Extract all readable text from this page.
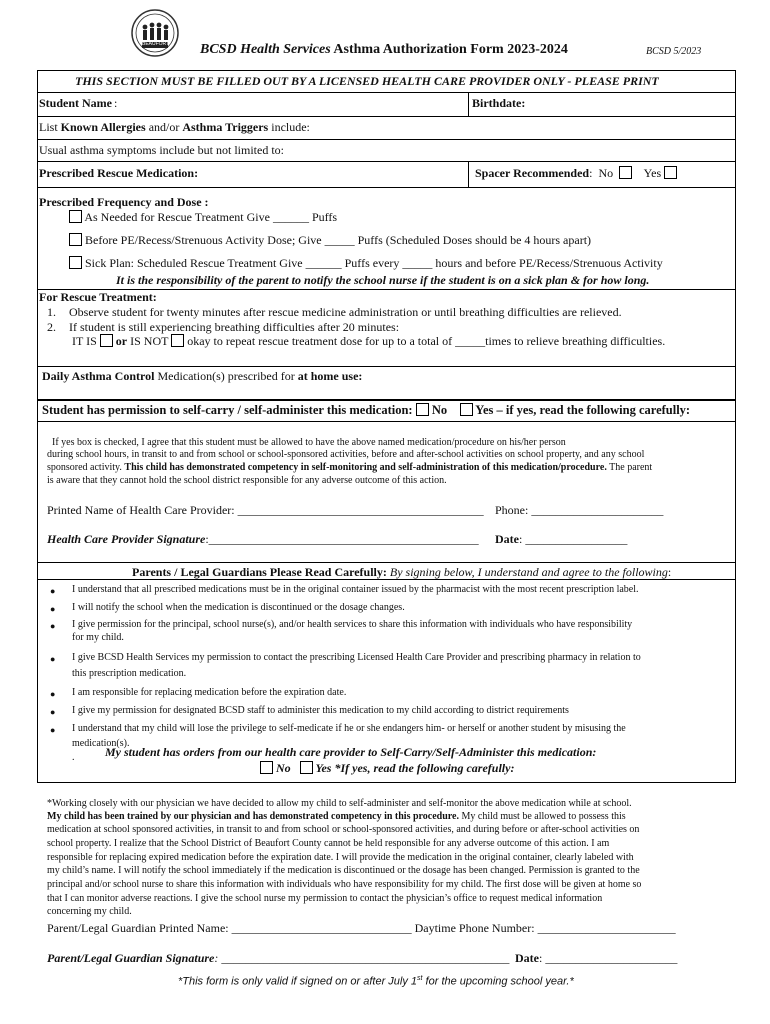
BEAUFORT BCSD Health Services Asthma Authorization Form 2023-2024	BCSD 5/2023
THIS SECTION MUST BE FILLED OUT BY A LICENSED HEALTH CARE PROVIDER ONLY - PLEASE PRINT
Student Name :	Birthdate:
List Known Allergies and/or Asthma Triggers include:
Usual asthma symptoms include but not limited to:
Prescribed Rescue Medication:	Spacer Recommended:  No	Yes
Prescribed Frequency and Dose :
As Needed for Rescue Treatment Give ______ Puffs
Before PE/Recess/Strenuous Activity Dose; Give _____ Puffs (Scheduled Doses should be 4 hours apart)
Sick Plan: Scheduled Rescue Treatment Give ______ Puffs every _____ hours and before PE/Recess/Strenuous Activity
It is the responsibility of the parent to notify the school nurse if the student is on a sick plan & for how long.
For Rescue Treatment:
1. Observe student for twenty minutes after rescue medicine administration or until breathing difficulties are relieved.
2. If student is still experiencing breathing difficulties after 20 minutes:
IT IS or IS NOT okay to repeat rescue treatment dose for up to a total of _____times to relieve breathing difficulties.
Daily Asthma Control Medication(s) prescribed for at home use:
Student has permission to self-carry / self-administer this medication: No Yes – if yes, read the following carefully:
If yes box is checked, I agree that this student must be allowed to have the above named medication/procedure on his/her person
during school hours, in transit to and from school or school-sponsored activities, before and after-school activities on school property, and any school
sponsored activity. This child has demonstrated competency in self-monitoring and self-administration of this medication/procedure. The parent
is aware that they cannot hold the school district responsible for any adverse outcome of this action.
Printed Name of Health Care Provider: _________________________________________ Phone: ______________________
Health Care Provider Signature:_____________________________________________ Date: _________________
Parents / Legal Guardians Please Read Carefully: By signing below, I understand and agree to the following:
● I understand that all prescribed medications must be in the original container issued by the pharmacist with the most recent prescription label.
● I will notify the school when the medication is discontinued or the dosage changes.
● I give permission for the principal, school nurse(s), and/or health services to share this information with individuals who have responsibility
for my child.
● I give BCSD Health Services my permission to contact the prescribing Licensed Health Care Provider and prescribing pharmacy in relation to
this prescription medication.
● I am responsible for replacing medication before the expiration date.
● I give my permission for designated BCSD staff to administer this medication to my child according to district requirements
● I understand that my child will lose the privilege to self-medicate if he or she endangers him- or herself or another student by misusing the
medication(s).
.	My student has orders from our health care provider to Self-Carry/Self-Administer this medication:
No Yes *If yes, read the following carefully:
*Working closely with our physician we have decided to allow my child to self-administer and self-monitor the above medication while at school.
My child has been trained by our physician and has demonstrated competency in this procedure. My child must be allowed to possess this
medication at school sponsored activities, in transit to and from school or school-sponsored activities, and during before or after-school activities on
school property. I realize that the School District of Beaufort County cannot be held responsible for any adverse outcome of this action. I am
responsible for replacing expired medication before the expiration date. I will provide the medication in the original container, clearly labeled with
my child’s name. I will notify the school immediately if the medication is discontinued or the dosage has been changed. Permission is granted to the
principal and/or school nurse to share this information with individuals who have responsibility for my child. The first dose will be given at home so
that I can monitor adverse reactions. I give the school nurse my permission to contact the physician’s office to request medical information
concerning my child.
Parent/Legal Guardian Printed Name: ______________________________ Daytime Phone Number: _______________________
Parent/Legal Guardian Signature: ________________________________________________ Date: ______________________
*This form is only valid if signed on or after July 1st for the upcoming school year.*
